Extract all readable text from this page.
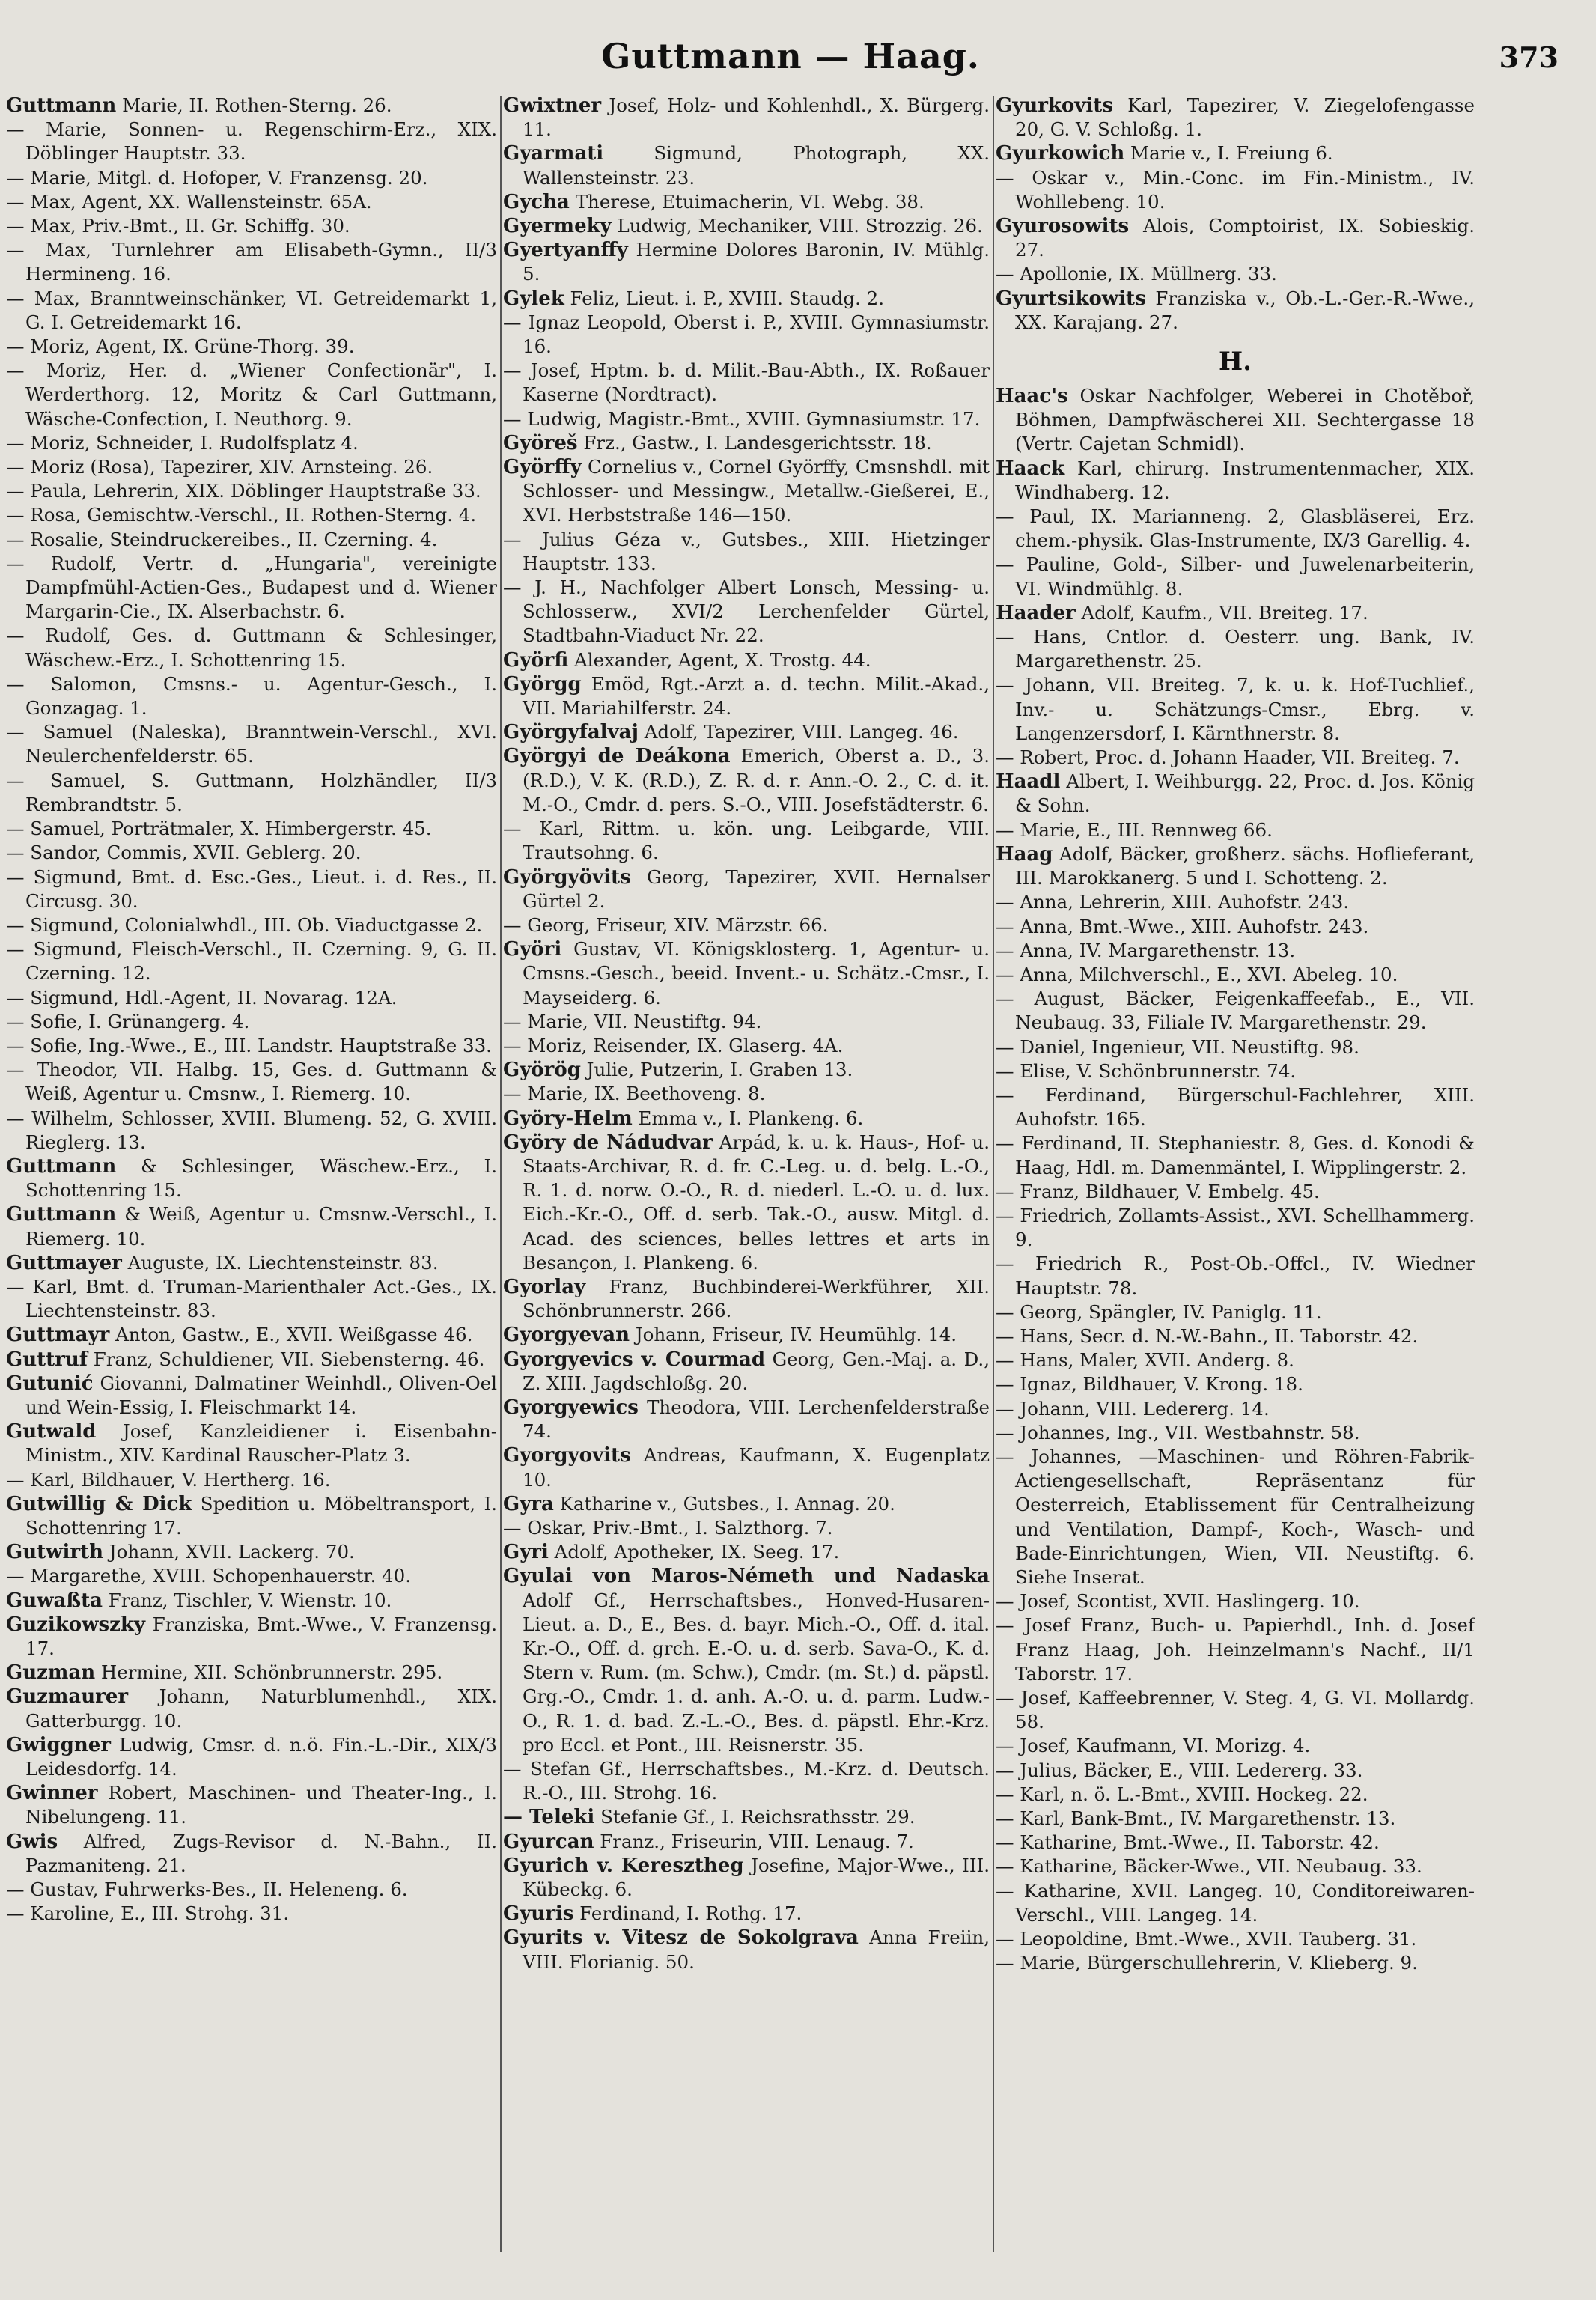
Guttmann — Haag.	373

Guttmann Marie, II. Rothen-Sterng. 26.

— Marie, Sonnen- u. Regenschirm-Erz., XIX. Döblinger Hauptstr. 33.

— Marie, Mitgl. d. Hofoper, V. Franzensg. 20.

— Max, Agent, XX. Wallensteinstr. 65A.

— Max, Priv.-Bmt., II. Gr. Schiffg. 30.

— Max, Turnlehrer am Elisabeth-Gymn., II/3 Hermineng. 16.

— Max, Branntweinschänker, VI. Getreidemarkt 1, G. I. Getreidemarkt 16.

— Moriz, Agent, IX. Grüne-Thorg. 39.

— Moriz, Her. d. „Wiener Confectionär", I. Werderthorg. 12, Moritz & Carl Guttmann, Wäsche-Confection, I. Neuthorg. 9.

— Moriz, Schneider, I. Rudolfsplatz 4.

— Moriz (Rosa), Tapezirer, XIV. Arnsteing. 26.

— Paula, Lehrerin, XIX. Döblinger Hauptstraße 33.

— Rosa, Gemischtw.-Verschl., II. Rothen-Sterng. 4.

— Rosalie, Steindruckereibes., II. Czerning. 4.

— Rudolf, Vertr. d. „Hungaria", vereinigte Dampfmühl-Actien-Ges., Budapest und d. Wiener Margarin-Cie., IX. Alserbachstr. 6.

— Rudolf, Ges. d. Guttmann & Schlesinger, Wäschew.-Erz., I. Schottenring 15.

— Salomon, Cmsns.- u. Agentur-Gesch., I. Gonzagag. 1.

— Samuel (Naleska), Branntwein-Verschl., XVI. Neulerchenfelderstr. 65.

— Samuel, S. Guttmann, Holzhändler, II/3 Rembrandtstr. 5.

— Samuel, Porträtmaler, X. Himbergerstr. 45.

— Sandor, Commis, XVII. Geblerg. 20.

— Sigmund, Bmt. d. Esc.-Ges., Lieut. i. d. Res., II. Circusg. 30.

— Sigmund, Colonialwhdl., III. Ob. Viaductgasse 2.

— Sigmund, Fleisch-Verschl., II. Czerning. 9, G. II. Czerning. 12.

— Sigmund, Hdl.-Agent, II. Novarag. 12A.

— Sofie, I. Grünangerg. 4.

— Sofie, Ing.-Wwe., E., III. Landstr. Hauptstraße 33.

— Theodor, VII. Halbg. 15, Ges. d. Guttmann & Weiß, Agentur u. Cmsnw., I. Riemerg. 10.

— Wilhelm, Schlosser, XVIII. Blumeng. 52, G. XVIII. Rieglerg. 13.

Guttmann & Schlesinger, Wäschew.-Erz., I. Schottenring 15.

Guttmann & Weiß, Agentur u. Cmsnw.-Verschl., I. Riemerg. 10.

Guttmayer Auguste, IX. Liechtensteinstr. 83.

— Karl, Bmt. d. Truman-Marienthaler Act.-Ges., IX. Liechtensteinstr. 83.

Guttmayr Anton, Gastw., E., XVII. Weißgasse 46.

Guttruf Franz, Schuldiener, VII. Siebensterng. 46.

Gutunić Giovanni, Dalmatiner Weinhdl., Oliven-Oel und Wein-Essig, I. Fleischmarkt 14.

Gutwald Josef, Kanzleidiener i. Eisenbahn-Ministm., XIV. Kardinal Rauscher-Platz 3.

— Karl, Bildhauer, V. Hertherg. 16.

Gutwillig & Dick Spedition u. Möbeltransport, I. Schottenring 17.

Gutwirth Johann, XVII. Lackerg. 70.

— Margarethe, XVIII. Schopenhauerstr. 40.

Guwaßta Franz, Tischler, V. Wienstr. 10.

Guzikowszky Franziska, Bmt.-Wwe., V. Franzensg. 17.

Guzman Hermine, XII. Schönbrunnerstr. 295.

Guzmaurer Johann, Naturblumenhdl., XIX. Gatterburgg. 10.

Gwiggner Ludwig, Cmsr. d. n.ö. Fin.-L.-Dir., XIX/3 Leidesdorfg. 14.

Gwinner Robert, Maschinen- und Theater-Ing., I. Nibelungeng. 11.

Gwis Alfred, Zugs-Revisor d. N.-Bahn., II. Pazmaniteng. 21.

— Gustav, Fuhrwerks-Bes., II. Heleneng. 6.

— Karoline, E., III. Strohg. 31.

Gwixtner Josef, Holz- und Kohlenhdl., X. Bürgerg. 11.

Gyarmati Sigmund, Photograph, XX. Wallensteinstr. 23.

Gycha Therese, Etuimacherin, VI. Webg. 38.

Gyermeky Ludwig, Mechaniker, VIII. Strozzig. 26.

Gyertyanffy Hermine Dolores Baronin, IV. Mühlg. 5.

Gylek Feliz, Lieut. i. P., XVIII. Staudg. 2.

— Ignaz Leopold, Oberst i. P., XVIII. Gymnasiumstr. 16.

— Josef, Hptm. b. d. Milit.-Bau-Abth., IX. Roßauer Kaserne (Nordtract).

— Ludwig, Magistr.-Bmt., XVIII. Gymnasiumstr. 17.

Györeš Frz., Gastw., I. Landesgerichtsstr. 18.

Györffy Cornelius v., Cornel Györffy, Cmsnshdl. mit Schlosser- und Messingw., Metallw.-Gießerei, E., XVI. Herbststraße 146—150.

— Julius Géza v., Gutsbes., XIII. Hietzinger Hauptstr. 133.

— J. H., Nachfolger Albert Lonsch, Messing- u. Schlosserw., XVI/2 Lerchenfelder Gürtel, Stadtbahn-Viaduct Nr. 22.

Györfi Alexander, Agent, X. Trostg. 44.

Györgg Emöd, Rgt.-Arzt a. d. techn. Milit.-Akad., VII. Mariahilferstr. 24.

Györgyfalvaj Adolf, Tapezirer, VIII. Langeg. 46.

Györgyi de Deákona Emerich, Oberst a. D., 3. (R.D.), V. K. (R.D.), Z. R. d. r. Ann.-O. 2., C. d. it. M.-O., Cmdr. d. pers. S.-O., VIII. Josefstädterstr. 6.

— Karl, Rittm. u. kön. ung. Leibgarde, VIII. Trautsohng. 6.

Györgyövits Georg, Tapezirer, XVII. Hernalser Gürtel 2.

— Georg, Friseur, XIV. Märzstr. 66.

Györi Gustav, VI. Königsklosterg. 1, Agentur- u. Cmsns.-Gesch., beeid. Invent.- u. Schätz.-Cmsr., I. Mayseiderg. 6.

— Marie, VII. Neustiftg. 94.

— Moriz, Reisender, IX. Glaserg. 4A.

Györög Julie, Putzerin, I. Graben 13.

— Marie, IX. Beethoveng. 8.

Györy-Helm Emma v., I. Plankeng. 6.

Györy de Nádudvar Arpád, k. u. k. Haus-, Hof- u. Staats-Archivar, R. d. fr. C.-Leg. u. d. belg. L.-O., R. 1. d. norw. O.-O., R. d. niederl. L.-O. u. d. lux. Eich.-Kr.-O., Off. d. serb. Tak.-O., ausw. Mitgl. d. Acad. des sciences, belles lettres et arts in Besançon, I. Plankeng. 6.

Gyorlay Franz, Buchbinderei-Werkführer, XII. Schönbrunnerstr. 266.

Gyorgyevan Johann, Friseur, IV. Heumühlg. 14.

Gyorgyevics v. Courmad Georg, Gen.-Maj. a. D., Z. XIII. Jagdschloßg. 20.

Gyorgyewics Theodora, VIII. Lerchenfelderstraße 74.

Gyorgyovits Andreas, Kaufmann, X. Eugenplatz 10.

Gyra Katharine v., Gutsbes., I. Annag. 20.

— Oskar, Priv.-Bmt., I. Salzthorg. 7.

Gyri Adolf, Apotheker, IX. Seeg. 17.

Gyulai von Maros-Németh und Nadaska Adolf Gf., Herrschaftsbes., Honved-Husaren-Lieut. a. D., E., Bes. d. bayr. Mich.-O., Off. d. ital. Kr.-O., Off. d. grch. E.-O. u. d. serb. Sava-O., K. d. Stern v. Rum. (m. Schw.), Cmdr. (m. St.) d. päpstl. Grg.-O., Cmdr. 1. d. anh. A.-O. u. d. parm. Ludw.-O., R. 1. d. bad. Z.-L.-O., Bes. d. päpstl. Ehr.-Krz. pro Eccl. et Pont., III. Reisnerstr. 35.

— Stefan Gf., Herrschaftsbes., M.-Krz. d. Deutsch. R.-O., III. Strohg. 16.

— Teleki Stefanie Gf., I. Reichsrathsstr. 29.

Gyurcan Franz., Friseurin, VIII. Lenaug. 7.

Gyurich v. Keresztheg Josefine, Major-Wwe., III. Kübeckg. 6.

Gyuris Ferdinand, I. Rothg. 17.

Gyurits v. Vitesz de Sokolgrava Anna Freiin, VIII. Florianig. 50.

Gyurkovits Karl, Tapezirer, V. Ziegelofengasse 20, G. V. Schloßg. 1.

Gyurkowich Marie v., I. Freiung 6.

— Oskar v., Min.-Conc. im Fin.-Ministm., IV. Wohllebeng. 10.

Gyurosowits Alois, Comptoirist, IX. Sobieskig. 27.

— Apollonie, IX. Müllnerg. 33.

Gyurtsikowits Franziska v., Ob.-L.-Ger.-R.-Wwe., XX. Karajang. 27.

H.

Haac's Oskar Nachfolger, Weberei in Chotěboř, Böhmen, Dampfwäscherei XII. Sechtergasse 18 (Vertr. Cajetan Schmidl).

Haack Karl, chirurg. Instrumentenmacher, XIX. Windhaberg. 12.

— Paul, IX. Marianneng. 2, Glasbläserei, Erz. chem.-physik. Glas-Instrumente, IX/3 Garellig. 4.

— Pauline, Gold-, Silber- und Juwelenarbeiterin, VI. Windmühlg. 8.

Haader Adolf, Kaufm., VII. Breiteg. 17.

— Hans, Cntlor. d. Oesterr. ung. Bank, IV. Margarethenstr. 25.

— Johann, VII. Breiteg. 7, k. u. k. Hof-Tuchlief., Inv.- u. Schätzungs-Cmsr., Ebrg. v. Langenzersdorf, I. Kärnthnerstr. 8.

— Robert, Proc. d. Johann Haader, VII. Breiteg. 7.

Haadl Albert, I. Weihburgg. 22, Proc. d. Jos. König & Sohn.

— Marie, E., III. Rennweg 66.

Haag Adolf, Bäcker, großherz. sächs. Hoflieferant, III. Marokkanerg. 5 und I. Schotteng. 2.

— Anna, Lehrerin, XIII. Auhofstr. 243.

— Anna, Bmt.-Wwe., XIII. Auhofstr. 243.

— Anna, IV. Margarethenstr. 13.

— Anna, Milchverschl., E., XVI. Abeleg. 10.

— August, Bäcker, Feigenkaffeefab., E., VII. Neubaug. 33, Filiale IV. Margarethenstr. 29.

— Daniel, Ingenieur, VII. Neustiftg. 98.

— Elise, V. Schönbrunnerstr. 74.

— Ferdinand, Bürgerschul-Fachlehrer, XIII. Auhofstr. 165.

— Ferdinand, II. Stephaniestr. 8, Ges. d. Konodi & Haag, Hdl. m. Damenmäntel, I. Wipplingerstr. 2.

— Franz, Bildhauer, V. Embelg. 45.

— Friedrich, Zollamts-Assist., XVI. Schellhammerg. 9.

— Friedrich R., Post-Ob.-Offcl., IV. Wiedner Hauptstr. 78.

— Georg, Spängler, IV. Paniglg. 11.

— Hans, Secr. d. N.-W.-Bahn., II. Taborstr. 42.

— Hans, Maler, XVII. Anderg. 8.

— Ignaz, Bildhauer, V. Krong. 18.

— Johann, VIII. Ledererg. 14.

— Johannes, Ing., VII. Westbahnstr. 58.

— Johannes, —Maschinen- und Röhren-Fabrik-Actiengesellschaft, Repräsentanz für Oesterreich, Etablissement für Centralheizung und Ventilation, Dampf-, Koch-, Wasch- und Bade-Einrichtungen, Wien, VII. Neustiftg. 6. Siehe Inserat.

— Josef, Scontist, XVII. Haslingerg. 10.

— Josef Franz, Buch- u. Papierhdl., Inh. d. Josef Franz Haag, Joh. Heinzelmann's Nachf., II/1 Taborstr. 17.

— Josef, Kaffeebrenner, V. Steg. 4, G. VI. Mollardg. 58.

— Josef, Kaufmann, VI. Morizg. 4.

— Julius, Bäcker, E., VIII. Ledererg. 33.

— Karl, n. ö. L.-Bmt., XVIII. Hockeg. 22.

— Karl, Bank-Bmt., IV. Margarethenstr. 13.

— Katharine, Bmt.-Wwe., II. Taborstr. 42.

— Katharine, Bäcker-Wwe., VII. Neubaug. 33.

— Katharine, XVII. Langeg. 10, Conditoreiwaren-Verschl., VIII. Langeg. 14.

— Leopoldine, Bmt.-Wwe., XVII. Tauberg. 31.

— Marie, Bürgerschullehrerin, V. Klieberg. 9.
